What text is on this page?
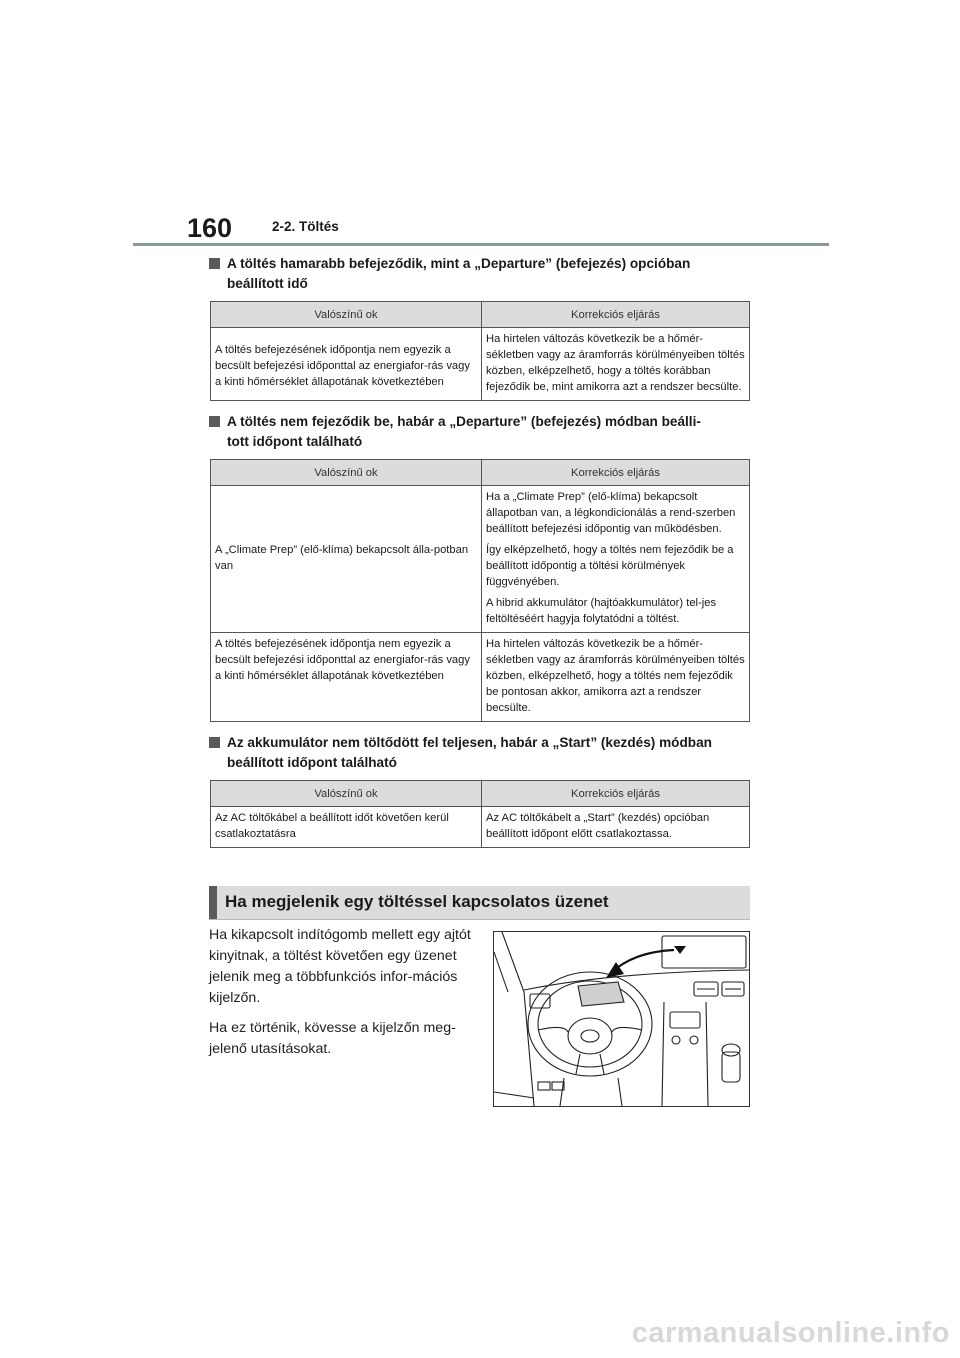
160	2-2. Töltés
A töltés hamarabb befejeződik, mint a „Departure” (befejezés) opcióban
beállított idő
Valószínű ok	Korrekciós eljárás
A töltés befejezésének időpontja nem egyezik a becsült befejezési időponttal az energiafor-rás vagy a kinti hőmérséklet állapotának következtében	Ha hirtelen változás következik be a hőmér-sékletben vagy az áramforrás körülményeiben töltés közben, elképzelhető, hogy a töltés korábban fejeződik be, mint amikorra azt a rendszer becsülte.

A töltés nem fejeződik be, habár a „Departure” (befejezés) módban beálli-
tott időpont található
Valószínű ok	Korrekciós eljárás
A „Climate Prep” (elő-klíma) bekapcsolt álla-potban van	Ha a „Climate Prep” (elő-klíma) bekapcsolt állapotban van, a légkondicionálás a rend-szerben beállított befejezési időpontig van működésben.

Így elképzelhető, hogy a töltés nem fejeződik be a beállított időpontig a töltési körülmények függvényében.

A hibrid akkumulátor (hajtóakkumulátor) tel-jes feltöltéséért hagyja folytatódni a töltést.

A töltés befejezésének időpontja nem egyezik a becsült befejezési időponttal az energiafor-rás vagy a kinti hőmérséklet állapotának következtében	Ha hirtelen változás következik be a hőmér-sékletben vagy az áramforrás körülményeiben töltés közben, elképzelhető, hogy a töltés nem fejeződik be pontosan akkor, amikorra azt a rendszer becsülte.

Az akkumulátor nem töltődött fel teljesen, habár a „Start” (kezdés) módban
beállított időpont található
Valószínű ok	Korrekciós eljárás
Az AC töltőkábel a beállított időt követően kerül csatlakoztatásra	Az AC töltőkábelt a „Start” (kezdés) opcióban beállított időpont előtt csatlakoztassa.

Ha megjelenik egy töltéssel kapcsolatos üzenet

Ha kikapcsolt indítógomb mellett egy ajtót kinyitnak, a töltést követően egy üzenet jelenik meg a többfunkciós infor-mációs kijelzőn.

Ha ez történik, kövesse a kijelzőn meg-jelenő utasításokat.

carmanualsonline.info
